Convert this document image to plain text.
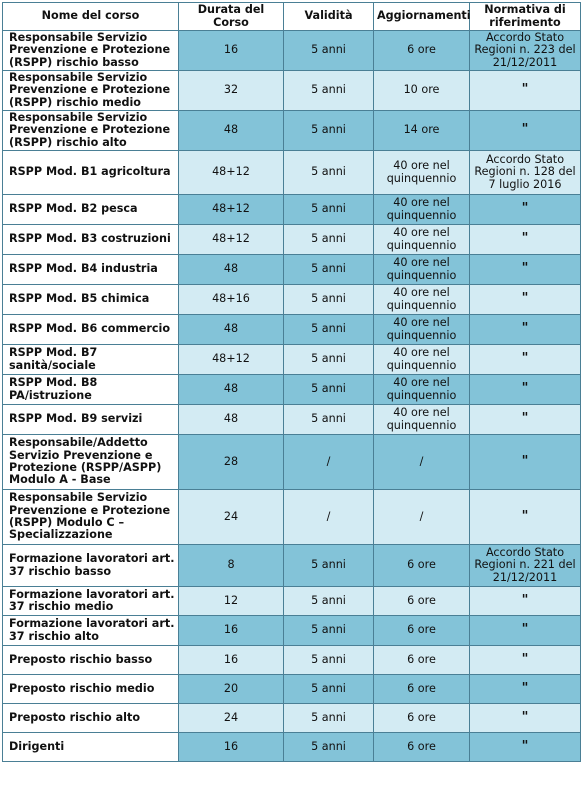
Nome del corso	Durata del Corso	Validità	Aggiornamenti	Normativa di riferimento
Responsabile Servizio Prevenzione e Protezione (RSPP) rischio basso	16	5 anni	6 ore	Accordo Stato Regioni n. 223 del 21/12/2011
Responsabile Servizio Prevenzione e Protezione (RSPP) rischio medio	32	5 anni	10 ore	"
Responsabile Servizio Prevenzione e Protezione (RSPP) rischio alto	48	5 anni	14 ore	"
RSPP Mod. B1 agricoltura	48+12	5 anni	40 ore nel quinquennio	Accordo Stato Regioni n. 128 del 7 luglio 2016
RSPP Mod. B2 pesca	48+12	5 anni	40 ore nel quinquennio	"
RSPP Mod. B3 costruzioni	48+12	5 anni	40 ore nel quinquennio	"
RSPP Mod. B4 industria	48	5 anni	40 ore nel quinquennio	"
RSPP Mod. B5 chimica	48+16	5 anni	40 ore nel quinquennio	"
RSPP Mod. B6 commercio	48	5 anni	40 ore nel quinquennio	"
RSPP Mod. B7 sanità/sociale	48+12	5 anni	40 ore nel quinquennio	"
RSPP Mod. B8 PA/istruzione	48	5 anni	40 ore nel quinquennio	"
RSPP Mod. B9 servizi	48	5 anni	40 ore nel quinquennio	"
Responsabile/Addetto Servizio Prevenzione e Protezione (RSPP/ASPP) Modulo A - Base	28	/	/	"
Responsabile Servizio Prevenzione e Protezione (RSPP) Modulo C – Specializzazione	24	/	/	"
Formazione lavoratori art. 37 rischio basso	8	5 anni	6 ore	Accordo Stato Regioni n. 221 del 21/12/2011
Formazione lavoratori art. 37 rischio medio	12	5 anni	6 ore	"
Formazione lavoratori art. 37 rischio alto	16	5 anni	6 ore	"
Preposto rischio basso	16	5 anni	6 ore	"
Preposto rischio medio	20	5 anni	6 ore	"
Preposto rischio alto	24	5 anni	6 ore	"
Dirigenti	16	5 anni	6 ore	"
